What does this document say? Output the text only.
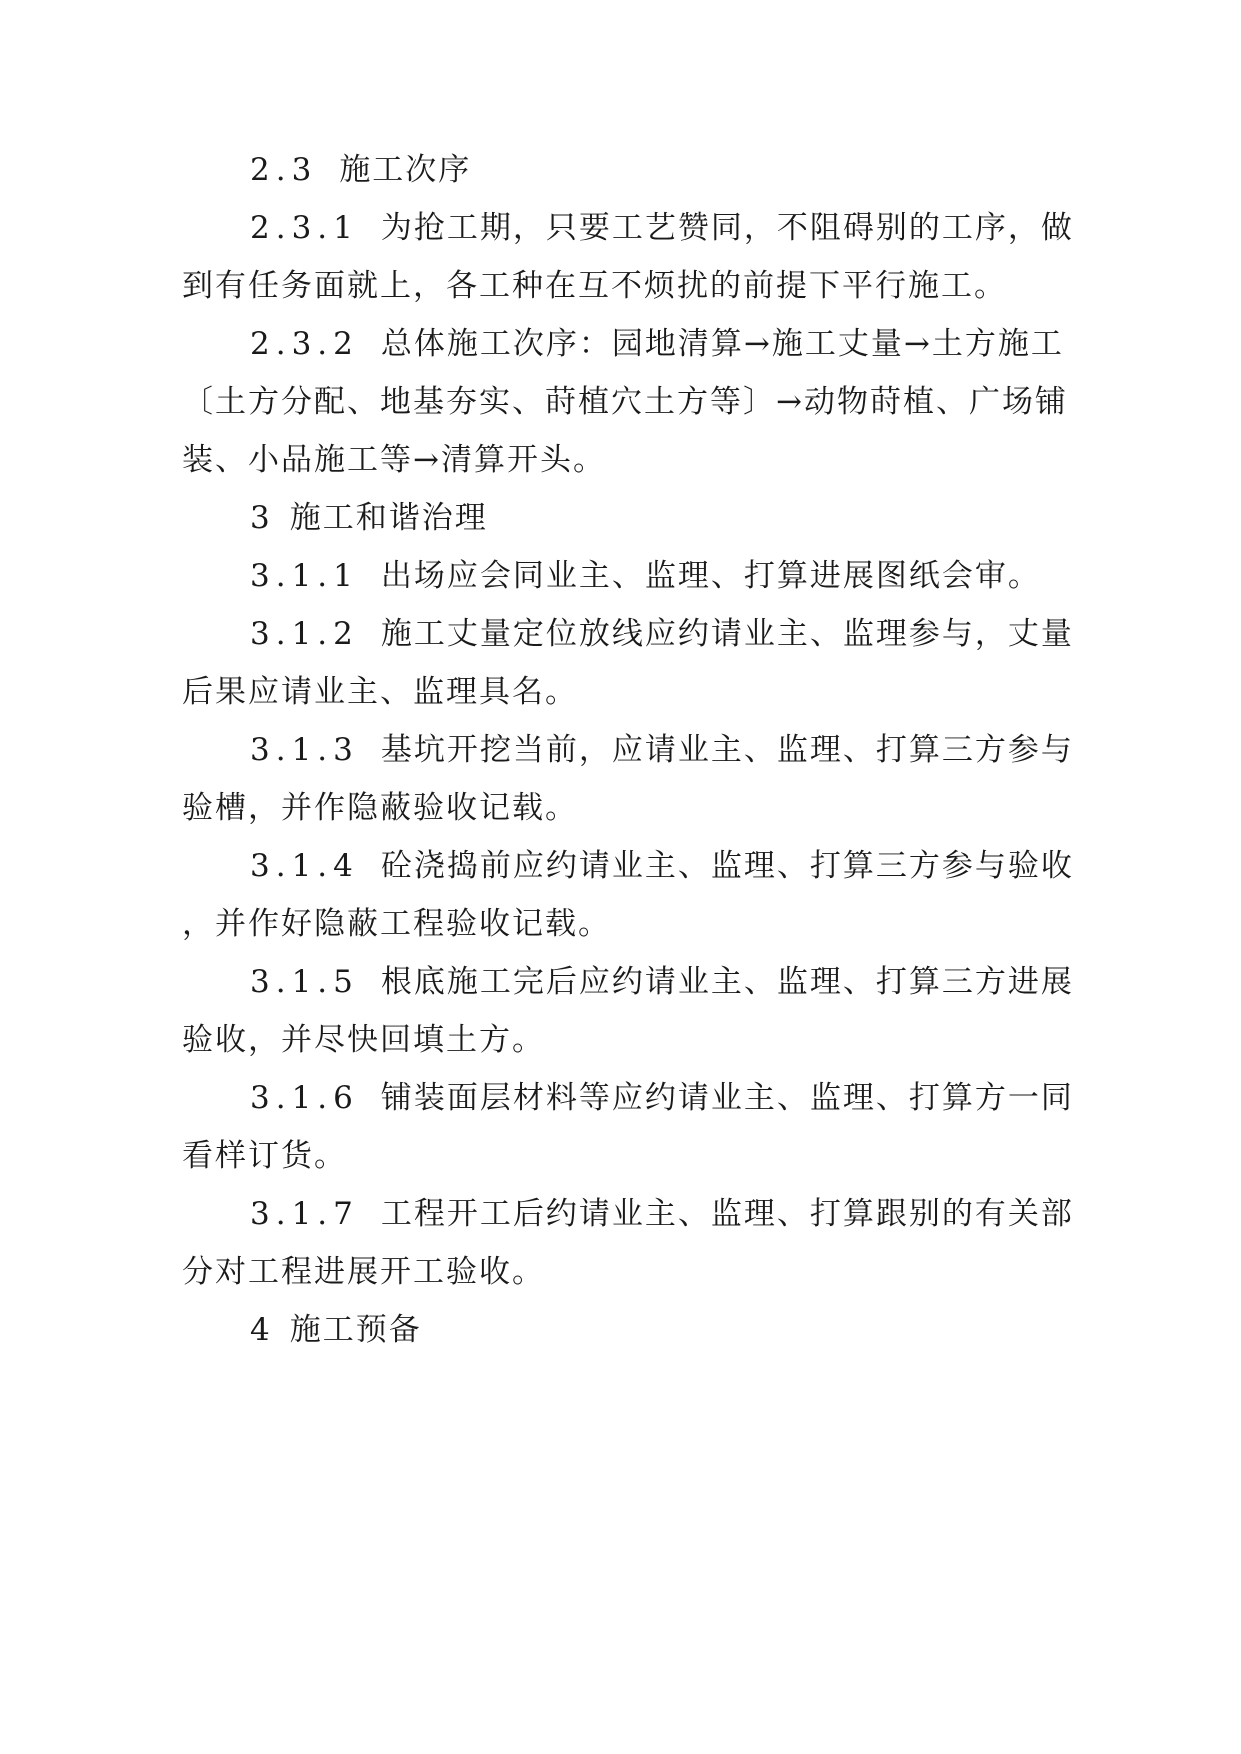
2.3 施工次序
2.3.1 为抢工期，只要工艺赞同，不阻碍别的工序，做
到有任务面就上，各工种在互不烦扰的前提下平行施工。
2.3.2 总体施工次序：园地清算→施工丈量→土方施工
〔土方分配、地基夯实、莳植穴土方等〕→动物莳植、广场铺
装、小品施工等→清算开头。
3 施工和谐治理
3.1.1 出场应会同业主、监理、打算进展图纸会审。
3.1.2 施工丈量定位放线应约请业主、监理参与，丈量
后果应请业主、监理具名。
3.1.3 基坑开挖当前，应请业主、监理、打算三方参与
验槽，并作隐蔽验收记载。
3.1.4 砼浇捣前应约请业主、监理、打算三方参与验收
，并作好隐蔽工程验收记载。
3.1.5 根底施工完后应约请业主、监理、打算三方进展
验收，并尽快回填土方。
3.1.6 铺装面层材料等应约请业主、监理、打算方一同
看样订货。
3.1.7 工程开工后约请业主、监理、打算跟别的有关部
分对工程进展开工验收。
4 施工预备
